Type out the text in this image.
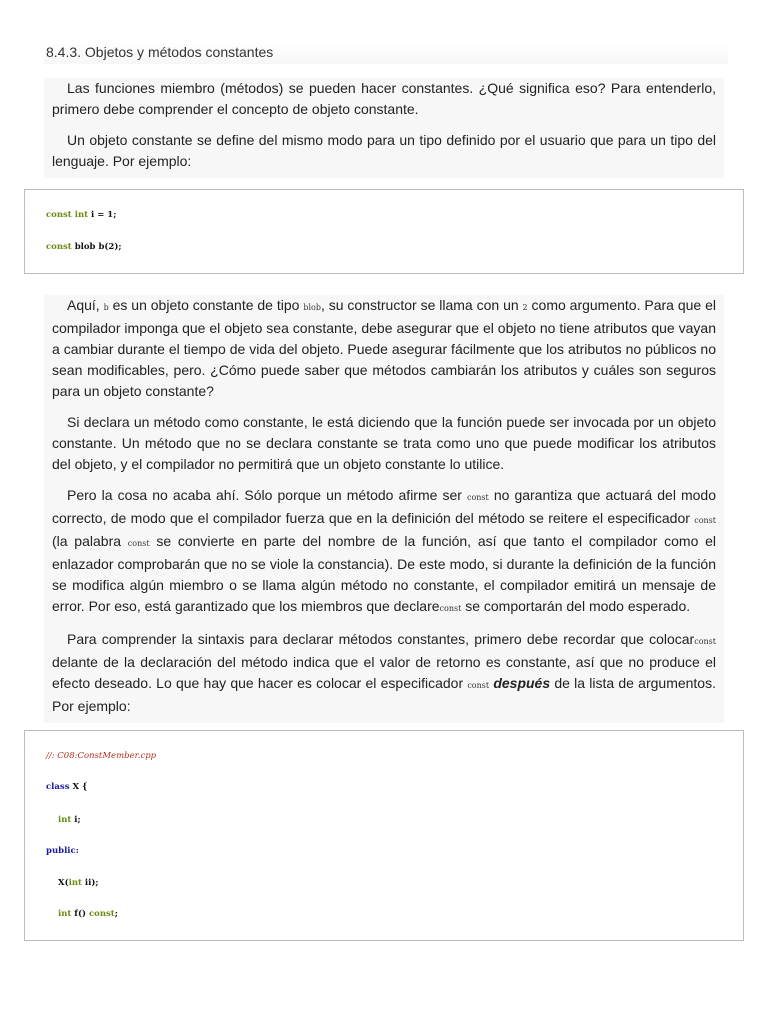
8.4.3. Objetos y métodos constantes

Las funciones miembro (métodos) se pueden hacer constantes. ¿Qué significa eso? Para entenderlo, primero debe comprender el concepto de objeto constante.

Un objeto constante se define del mismo modo para un tipo definido por el usuario que para un tipo del lenguaje. Por ejemplo:

const int i = 1;
const blob b(2);

Aquí, b es un objeto constante de tipo blob, su constructor se llama con un 2 como argumento. Para que el compilador imponga que el objeto sea constante, debe asegurar que el objeto no tiene atributos que vayan a cambiar durante el tiempo de vida del objeto. Puede asegurar fácilmente que los atributos no públicos no sean modificables, pero. ¿Cómo puede saber que métodos cambiarán los atributos y cuáles son seguros para un objeto constante?

Si declara un método como constante, le está diciendo que la función puede ser invocada por un objeto constante. Un método que no se declara constante se trata como uno que puede modificar los atributos del objeto, y el compilador no permitirá que un objeto constante lo utilice.

Pero la cosa no acaba ahí. Sólo porque un método afirme ser const no garantiza que actuará del modo correcto, de modo que el compilador fuerza que en la definición del método se reitere el especificador const (la palabra const se convierte en parte del nombre de la función, así que tanto el compilador como el enlazador comprobarán que no se viole la constancia). De este modo, si durante la definición de la función se modifica algún miembro o se llama algún método no constante, el compilador emitirá un mensaje de error. Por eso, está garantizado que los miembros que declareconst se comportarán del modo esperado.

Para comprender la sintaxis para declarar métodos constantes, primero debe recordar que colocarconst delante de la declaración del método indica que el valor de retorno es constante, así que no produce el efecto deseado. Lo que hay que hacer es colocar el especificador const después de la lista de argumentos. Por ejemplo:

//: C08:ConstMember.cpp
class X {
int i;
public:
X(int ii);
int f() const;
